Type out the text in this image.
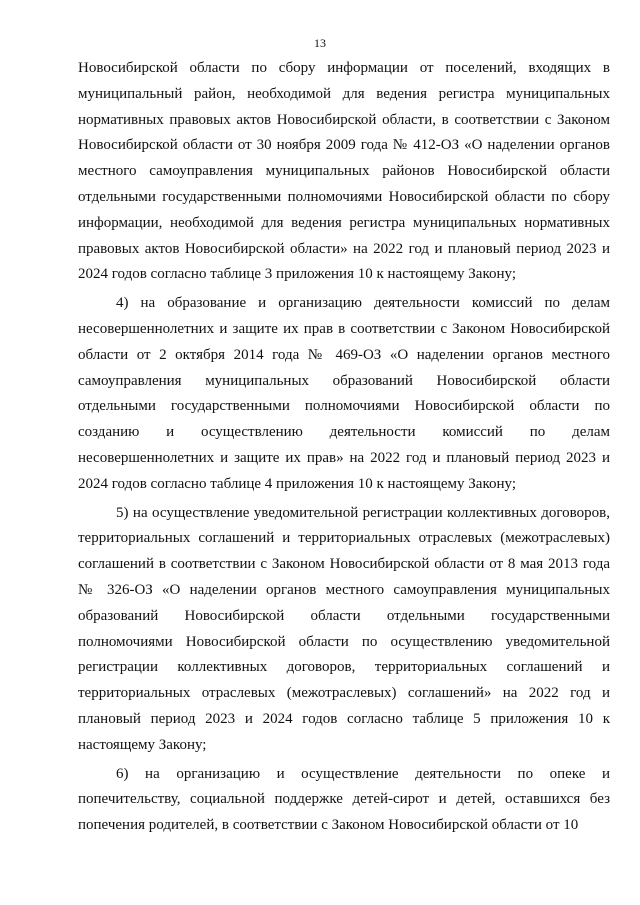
13

Новосибирской области по сбору информации от поселений, входящих в муниципальный район, необходимой для ведения регистра муниципальных нормативных правовых актов Новосибирской области, в соответствии с Законом Новосибирской области от 30 ноября 2009 года № 412-ОЗ «О наделении органов местного самоуправления муниципальных районов Новосибирской области отдельными государственными полномочиями Новосибирской области по сбору информации, необходимой для ведения регистра муниципальных нормативных правовых актов Новосибирской области» на 2022 год и плановый период 2023 и 2024 годов согласно таблице 3 приложения 10 к настоящему Закону;

4) на образование и организацию деятельности комиссий по делам несовершеннолетних и защите их прав в соответствии с Законом Новосибирской области от 2 октября 2014 года № 469-ОЗ «О наделении органов местного самоуправления муниципальных образований Новосибирской области отдельными государственными полномочиями Новосибирской области по созданию и осуществлению деятельности комиссий по делам несовершеннолетних и защите их прав» на 2022 год и плановый период 2023 и 2024 годов согласно таблице 4 приложения 10 к настоящему Закону;

5) на осуществление уведомительной регистрации коллективных договоров, территориальных соглашений и территориальных отраслевых (межотраслевых) соглашений в соответствии с Законом Новосибирской области от 8 мая 2013 года № 326-ОЗ «О наделении органов местного самоуправления муниципальных образований Новосибирской области отдельными государственными полномочиями Новосибирской области по осуществлению уведомительной регистрации коллективных договоров, территориальных соглашений и территориальных отраслевых (межотраслевых) соглашений» на 2022 год и плановый период 2023 и 2024 годов согласно таблице 5 приложения 10 к настоящему Закону;

6) на организацию и осуществление деятельности по опеке и попечительству, социальной поддержке детей-сирот и детей, оставшихся без попечения родителей, в соответствии с Законом Новосибирской области от 10
